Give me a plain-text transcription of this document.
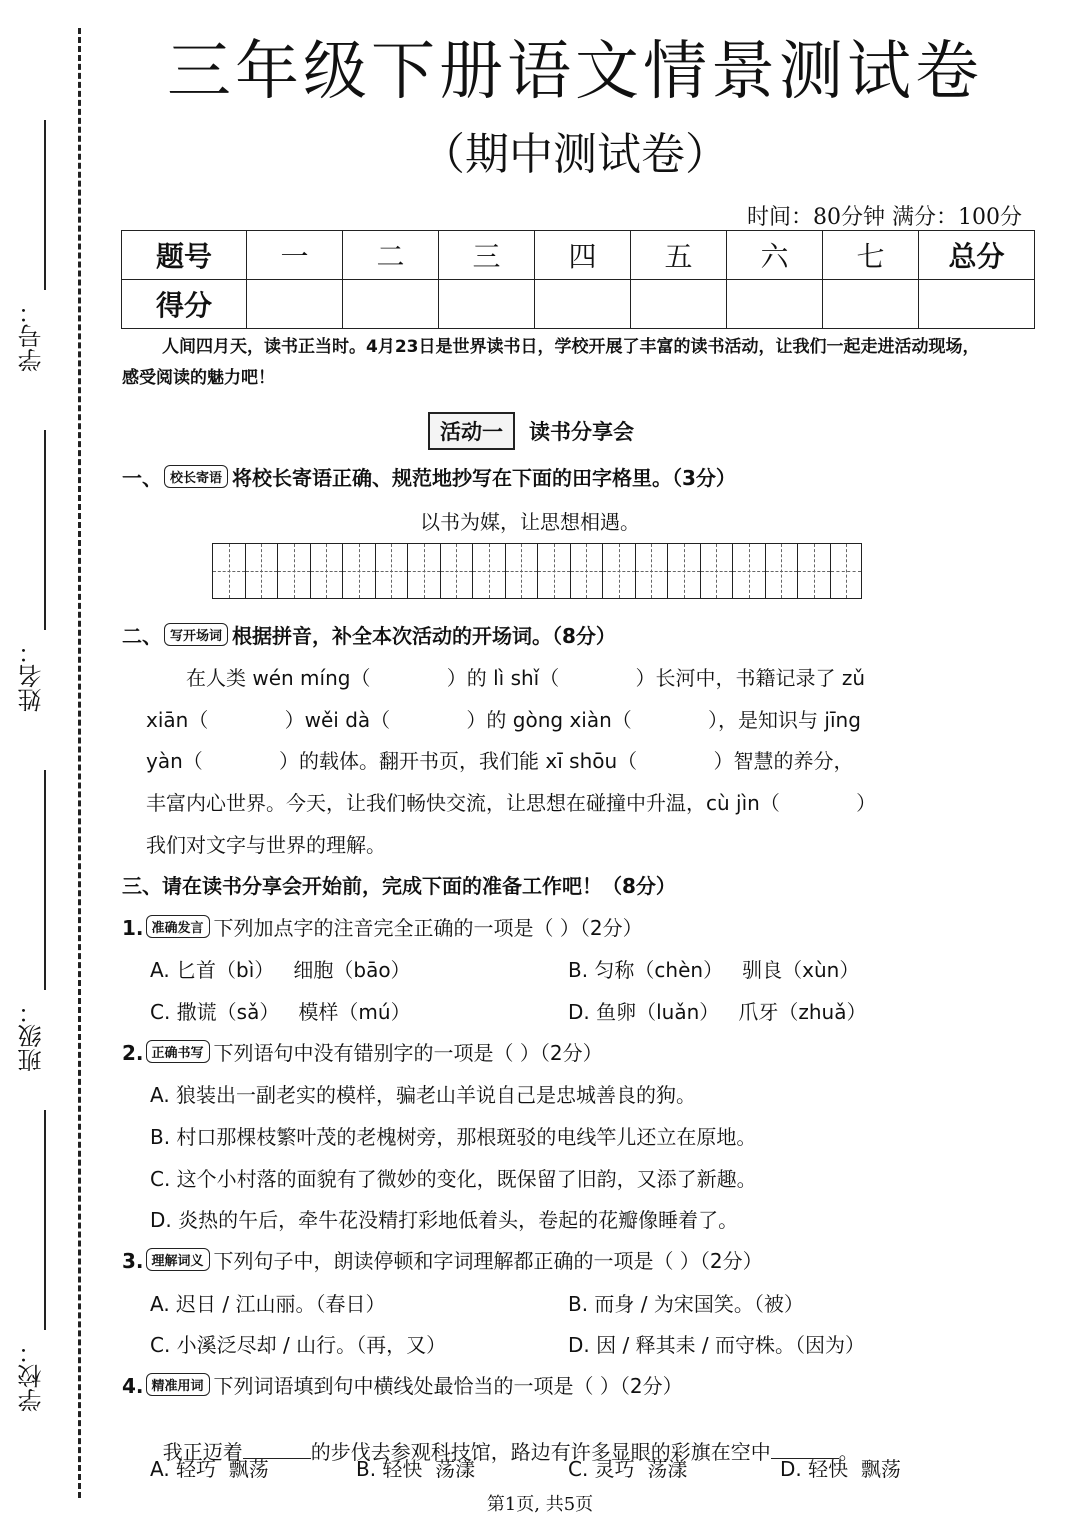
学号：
姓名：
班级：
学校：
三年级下册语文情景测试卷
（期中测试卷）
时间：80分钟 满分：100分
题号	一	二	三	四	五	六	七	总分
得分								
人间四月天，读书正当时。4月23日是世界读书日，学校开展了丰富的读书活动，让我们一起走进活动现场，感受阅读的魅力吧！
活动一 读书分享会
一、 校长寄语 将校长寄语正确、规范地抄写在下面的田字格里。（3分）
以书为媒，让思想相遇。
二、 写开场词 根据拼音，补全本次活动的开场词。（8分）
在人类 wén míng（            ）的 lì shǐ（            ）长河中，书籍记录了 zǔ
xiān（            ）wěi dà（            ）的 gòng xiàn（            ），是知识与 jīng
yàn（            ）的载体。翻开书页，我们能 xī shōu（            ）智慧的养分，
丰富内心世界。今天，让我们畅快交流，让思想在碰撞中升温，cù jìn（            ）
我们对文字与世界的理解。
三、请在读书分享会开始前，完成下面的准备工作吧！（8分）
1. 准确发言 下列加点字的注音完全正确的一项是（ ）（2分）
A. 匕首（bì）   细胞（bāo）	B. 匀称（chèn）   驯良（xùn）
C. 撒谎（sǎ）   模样（mú）	D. 鱼卵（luǎn）   爪牙（zhuǎ）
2. 正确书写 下列语句中没有错别字的一项是（ ）（2分）
A. 狼装出一副老实的模样，骗老山羊说自己是忠城善良的狗。
B. 村口那棵枝繁叶茂的老槐树旁，那根斑驳的电线竿儿还立在原地。
C. 这个小村落的面貌有了微妙的变化，既保留了旧韵，又添了新趣。
D. 炎热的午后，牵牛花没精打彩地低着头，卷起的花瓣像睡着了。
3. 理解词义 下列句子中，朗读停顿和字词理解都正确的一项是（ ）（2分）
A. 迟日 / 江山丽。（春日）	B. 而身 / 为宋国笑。（被）
C. 小溪泛尽却 / 山行。（再，又）	D. 因 / 释其耒 / 而守株。（因为）
4. 精准用词 下列词语填到句中横线处最恰当的一项是（ ）（2分）

我正迈着	的步伐去参观科技馆，路边有许多显眼的彩旗在空中	。

A. 轻巧  飘荡	B. 轻快  荡漾	C. 灵巧  荡漾	D. 轻快  飘荡
第1页, 共5页
